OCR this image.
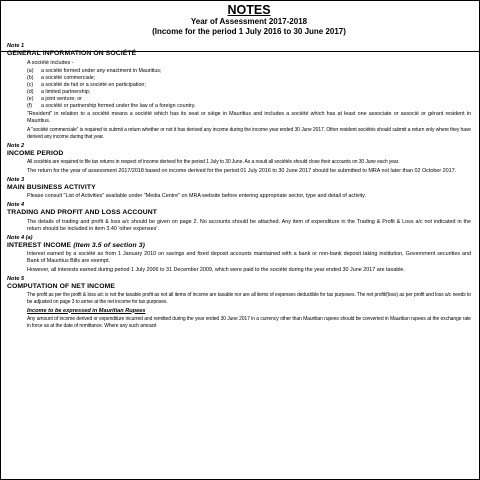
NOTES

Year of Assessment 2017-2018

(Income for the period 1 July 2016 to 30 June 2017)

Note 1
GENERAL INFORMATION ON SOCIÉTÉ

A société includes -

(a)	a société formed under any enactment in Mauritius;
(b)	a société commerciale;
(c)	a société de fait or a société en participation;
(d)	a limited partnership;
(e)	a joint venture; or
(f)	a société or partnership formed under the law of a foreign country.

"Resident" in relation to a société means a société which has its seat or siège in Mauritius and includes a société which has at least one associate or associé or gérant resident in Mauritius.

A "société commerciale" is required to submit a return whether or not it has derived any income during the income year ended 30 June 2017. Other resident sociétés should submit a return only where they have derived any income during that year.

Note 2
INCOME PERIOD

All sociétés are required to file tax returns in respect of income derived for the period 1 July to 30 June. As a result all sociétés should close their accounts on 30 June each year.

The return for the year of assessment 2017/2018 based on income derived for the period 01 July 2016 to 30 June 2017 should be submitted to MRA not later than 02 October 2017.

Note 3
MAIN BUSINESS ACTIVITY

Please consult "List of Activities" available under "Media Centre" on MRA website before entering appropriate sector, type and detail of activity.

Note 4
TRADING AND PROFIT AND LOSS ACCOUNT

The details of trading and profit & loss a/c should be given on page 2. No accounts should be attached. Any item of expenditure in the Trading & Profit & Loss a/c not indicated in the return should be included in item 3.40 'other expenses'.

Note 4 (a)
INTEREST INCOME (Item 3.5 of section 3)

Interest earned by a société as from 1 January 2010 on savings and fixed deposit accounts maintained with a bank or non-bank deposit taking institution, Government securities and Bank of Mauritius Bills are exempt.

However, all interests earned during period 1 July 2006 to 31 December 2009, which were paid to the société during the year ended 30 June 2017 are taxable.

Note 5
COMPUTATION OF NET INCOME

The profit as per the profit & loss a/c is not the taxable profit as not all items of income are taxable nor are all items of expenses deductible for tax purposes. The net profit/(loss) as per profit and loss a/c needs to be adjusted on page 3 to arrive at the net income for tax purposes.

Income to be expressed in Mauritian Rupees

Any amount of income derived or expenditure incurred and remitted during the year ended 30 June 2017 in a currency other than Mauritian rupees should be converted in Mauritian rupees at the exchange rate in force as at the date of remittance. Where any such amount
